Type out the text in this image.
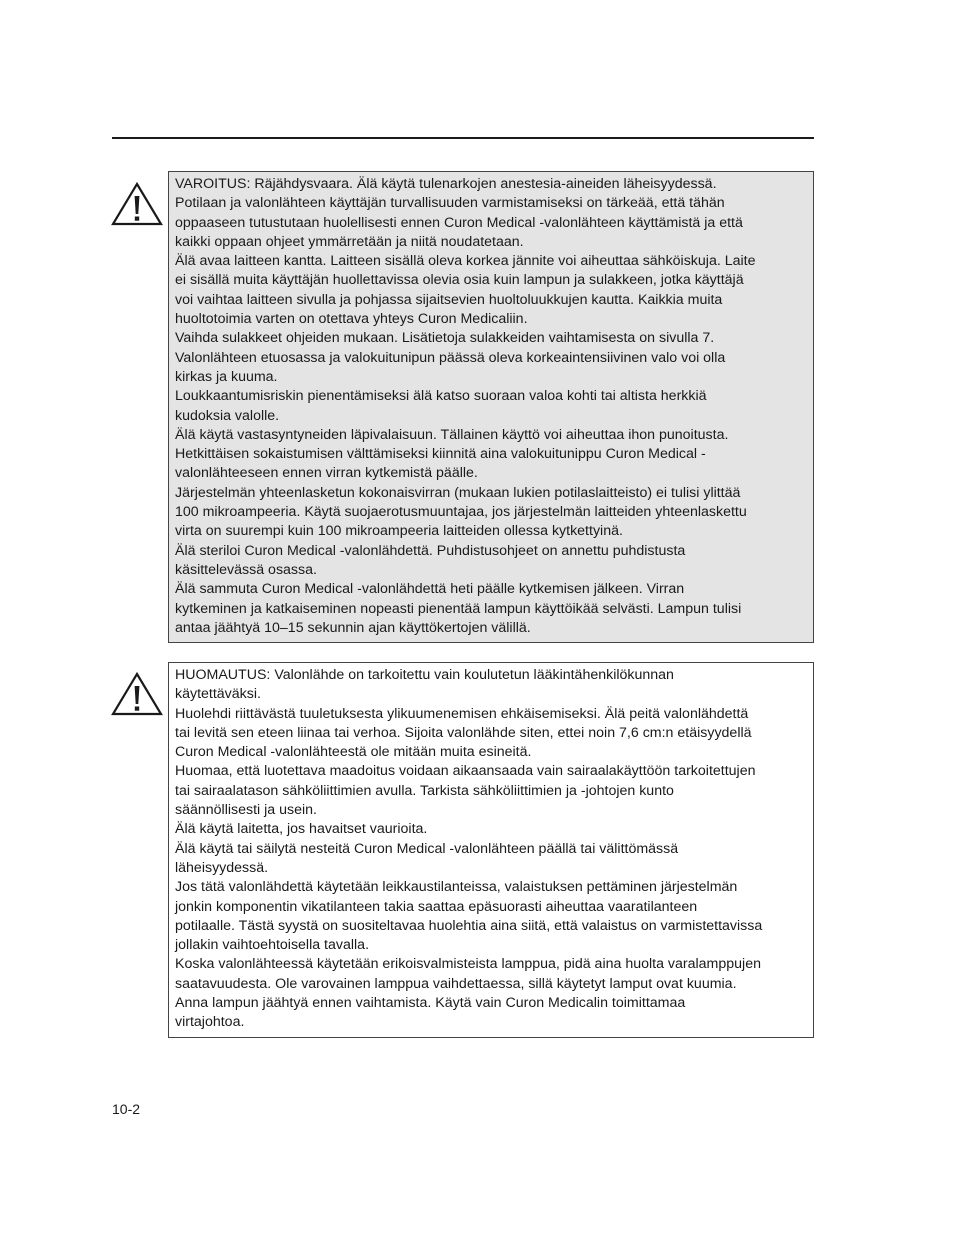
VAROITUS: Räjähdysvaara. Älä käytä tulenarkojen anestesia-aineiden läheisyydessä.

Potilaan ja valonlähteen käyttäjän turvallisuuden varmistamiseksi on tärkeää, että tähän

oppaaseen tutustutaan huolellisesti ennen Curon Medical -valonlähteen käyttämistä ja että

kaikki oppaan ohjeet ymmärretään ja niitä noudatetaan.

Älä avaa laitteen kantta. Laitteen sisällä oleva korkea jännite voi aiheuttaa sähköiskuja. Laite

ei sisällä muita käyttäjän huollettavissa olevia osia kuin lampun ja sulakkeen, jotka käyttäjä

voi vaihtaa laitteen sivulla ja pohjassa sijaitsevien huoltoluukkujen kautta. Kaikkia muita

huoltotoimia varten on otettava yhteys Curon Medicaliin.

Vaihda sulakkeet ohjeiden mukaan. Lisätietoja sulakkeiden vaihtamisesta on sivulla 7.

Valonlähteen etuosassa ja valokuitunipun päässä oleva korkeaintensiivinen valo voi olla

kirkas ja kuuma.

Loukkaantumisriskin pienentämiseksi älä katso suoraan valoa kohti tai altista herkkiä

kudoksia valolle.

Älä käytä vastasyntyneiden läpivalaisuun. Tällainen käyttö voi aiheuttaa ihon punoitusta.

Hetkittäisen sokaistumisen välttämiseksi kiinnitä aina valokuitunippu Curon Medical -

valonlähteeseen ennen virran kytkemistä päälle.

Järjestelmän yhteenlasketun kokonaisvirran (mukaan lukien potilaslaitteisto) ei tulisi ylittää

100 mikroampeeria. Käytä suojaerotusmuuntajaa, jos järjestelmän laitteiden yhteenlaskettu

virta on suurempi kuin 100 mikroampeeria laitteiden ollessa kytkettyinä.

Älä steriloi Curon Medical -valonlähdettä. Puhdistusohjeet on annettu puhdistusta

käsittelevässä osassa.

Älä sammuta Curon Medical -valonlähdettä heti päälle kytkemisen jälkeen. Virran

kytkeminen ja katkaiseminen nopeasti pienentää lampun käyttöikää selvästi. Lampun tulisi

antaa jäähtyä 10–15 sekunnin ajan käyttökertojen välillä.

HUOMAUTUS: Valonlähde on tarkoitettu vain koulutetun lääkintähenkilökunnan

käytettäväksi.

Huolehdi riittävästä tuuletuksesta ylikuumenemisen ehkäisemiseksi. Älä peitä valonlähdettä

tai levitä sen eteen liinaa tai verhoa. Sijoita valonlähde siten, ettei noin 7,6 cm:n etäisyydellä

Curon Medical -valonlähteestä ole mitään muita esineitä.

Huomaa, että luotettava maadoitus voidaan aikaansaada vain sairaalakäyttöön tarkoitettujen

tai sairaalatason sähköliittimien avulla. Tarkista sähköliittimien ja -johtojen kunto

säännöllisesti ja usein.

Älä käytä laitetta, jos havaitset vaurioita.

Älä käytä tai säilytä nesteitä Curon Medical -valonlähteen päällä tai välittömässä

läheisyydessä.

Jos tätä valonlähdettä käytetään leikkaustilanteissa, valaistuksen pettäminen järjestelmän

jonkin komponentin vikatilanteen takia saattaa epäsuorasti aiheuttaa vaaratilanteen

potilaalle. Tästä syystä on suositeltavaa huolehtia aina siitä, että valaistus on varmistettavissa

jollakin vaihtoehtoisella tavalla.

Koska valonlähteessä käytetään erikoisvalmisteista lamppua, pidä aina huolta varalamppujen

saatavuudesta. Ole varovainen lamppua vaihdettaessa, sillä käytetyt lamput ovat kuumia.

Anna lampun jäähtyä ennen vaihtamista. Käytä vain Curon Medicalin toimittamaa

virtajohtoa.

10-2
